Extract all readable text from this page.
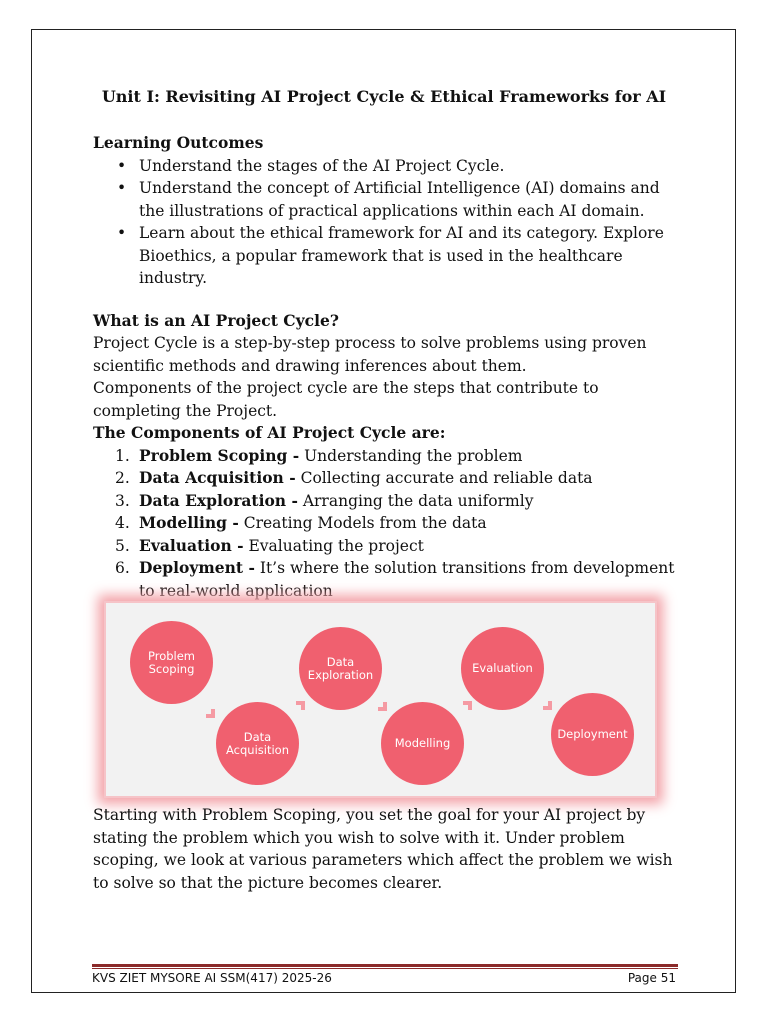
Unit I: Revisiting AI Project Cycle & Ethical Frameworks for AI

Learning Outcomes

• Understand the stages of the AI Project Cycle.
• Understand the concept of Artificial Intelligence (AI) domains and the illustrations of practical applications within each AI domain.
• Learn about the ethical framework for AI and its category. Explore Bioethics, a popular framework that is used in the healthcare industry.

What is an AI Project Cycle?

Project Cycle is a step-by-step process to solve problems using proven scientific methods and drawing inferences about them.

Components of the project cycle are the steps that contribute to completing the Project.

The Components of AI Project Cycle are:

1. Problem Scoping - Understanding the problem
2. Data Acquisition - Collecting accurate and reliable data
3. Data Exploration - Arranging the data uniformly
4. Modelling - Creating Models from the data
5. Evaluation - Evaluating the project
6. Deployment - It’s where the solution transitions from development to real-world application
Problem Scoping
Data Acquisition
Data Exploration
Modelling
Evaluation
Deployment

Starting with Problem Scoping, you set the goal for your AI project by stating the problem which you wish to solve with it. Under problem scoping, we look at various parameters which affect the problem we wish to solve so that the picture becomes clearer.

KVS ZIET MYSORE AI SSM(417) 2025-26	Page 51
